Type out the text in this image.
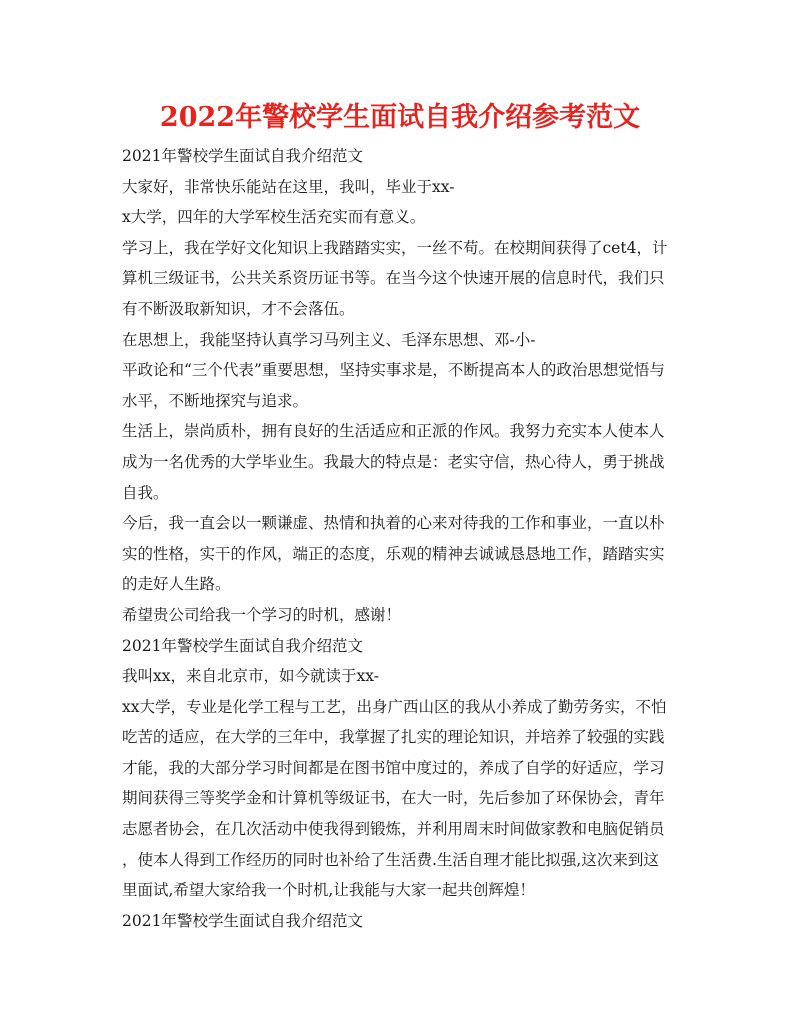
2022年警校学生面试自我介绍参考范文

2021年警校学生面试自我介绍范文

大家好，非常快乐能站在这里，我叫，毕业于xx-

x大学，四年的大学军校生活充实而有意义。

学习上，我在学好文化知识上我踏踏实实，一丝不苟。在校期间获得了cet4，计

算机三级证书，公共关系资历证书等。在当今这个快速开展的信息时代，我们只

有不断汲取新知识，才不会落伍。

在思想上，我能坚持认真学习马列主义、毛泽东思想、邓-小-

平政论和“三个代表”重要思想，坚持实事求是，不断提高本人的政治思想觉悟与

水平，不断地探究与追求。

生活上，崇尚质朴，拥有良好的生活适应和正派的作风。我努力充实本人使本人

成为一名优秀的大学毕业生。我最大的特点是：老实守信，热心待人，勇于挑战

自我。

今后，我一直会以一颗谦虚、热情和执着的心来对待我的工作和事业，一直以朴

实的性格，实干的作风，端正的态度，乐观的精神去诚诚恳恳地工作，踏踏实实

的走好人生路。

希望贵公司给我一个学习的时机，感谢！

2021年警校学生面试自我介绍范文

我叫xx，来自北京市，如今就读于xx-

xx大学，专业是化学工程与工艺，出身广西山区的我从小养成了勤劳务实，不怕

吃苦的适应，在大学的三年中，我掌握了扎实的理论知识，并培养了较强的实践

才能，我的大部分学习时间都是在图书馆中度过的，养成了自学的好适应，学习

期间获得三等奖学金和计算机等级证书，在大一时，先后参加了环保协会，青年

志愿者协会，在几次活动中使我得到锻炼，并利用周末时间做家教和电脑促销员

，使本人得到工作经历的同时也补给了生活费.生活自理才能比拟强,这次来到这

里面试,希望大家给我一个时机,让我能与大家一起共创辉煌！

2021年警校学生面试自我介绍范文
